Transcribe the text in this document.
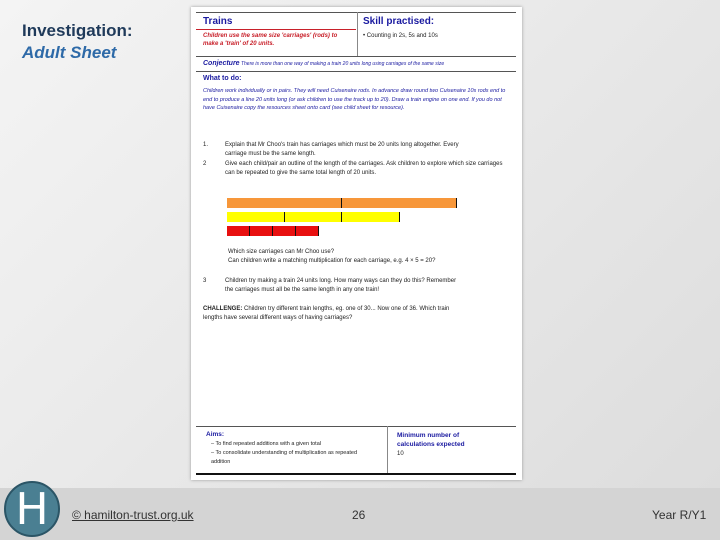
Investigation:
Adult Sheet
Trains
Children use the same size 'carriages' (rods) to make a 'train' of 20 units.
Skill practised:
• Counting in 2s, 5s and 10s
Conjecture There is more than one way of making a train 20 units long using carriages of the same size
What to do:
Children work individually or in pairs. They will need Cuisenaire rods. In advance draw round two Cuisenaire 10s rods end to end to produce a line 20 units long (or ask children to use the track up to 20). Draw a train engine on one end. If you do not have Cuisenaire copy the resources sheet onto card (see child sheet for resource).
1.	Explain that Mr Choo's train has carriages which must be 20 units long altogether. Every carriage must be the same length.
2	Give each child/pair an outline of the length of the carriages. Ask children to explore which size carriages can be repeated to give the same total length of 20 units.
Which size carriages can Mr Choo use?
Can children write a matching multiplication for each carriage, e.g. 4 × 5 = 20?
3	Children try making a train 24 units long. How many ways can they do this? Remember the carriages must all be the same length in any one train!
CHALLENGE: Children try different train lengths, eg. one of 30... Now one of 36. Which train lengths have several different ways of having carriages?
Aims:
– To find repeated additions with a given total
– To consolidate understanding of multiplication as repeated addition
Minimum number of calculations expected
10
H	© hamilton-trust.org.uk	26	Year R/Y1
